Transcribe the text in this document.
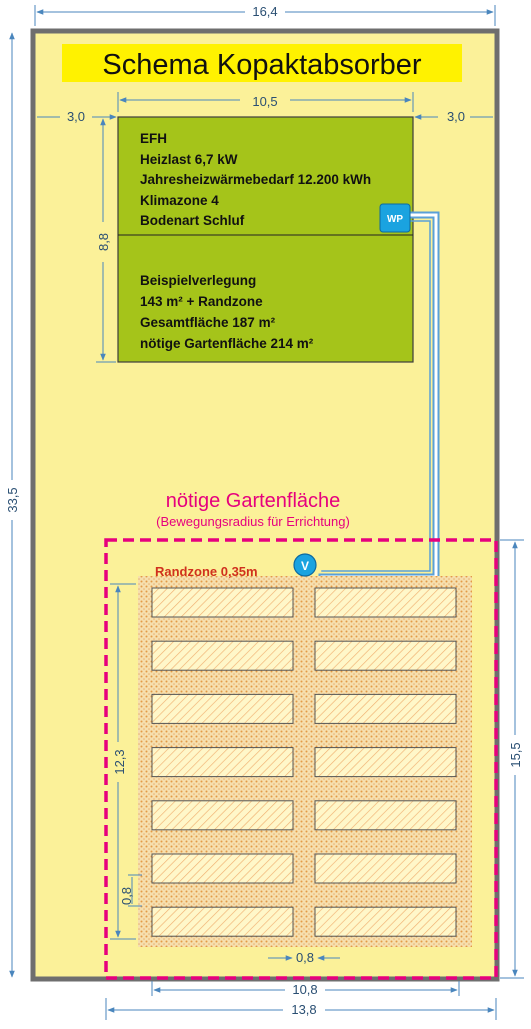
16,4
33,5
Schema Kopaktabsorber
10,5
3,0	3,0
8,8
EFH
Heizlast 6,7 kW
Jahresheizwärmebedarf 12.200 kWh
Klimazone 4
Bodenart Schluf
Beispielverlegung
143 m² + Randzone
Gesamtfläche 187 m²
nötige Gartenfläche 214 m²
WP
nötige Gartenfläche
(Bewegungsradius für Errichtung)
Randzone 0,35m	V
12,3
0,8
0,8
15,5
10,8
13,8
